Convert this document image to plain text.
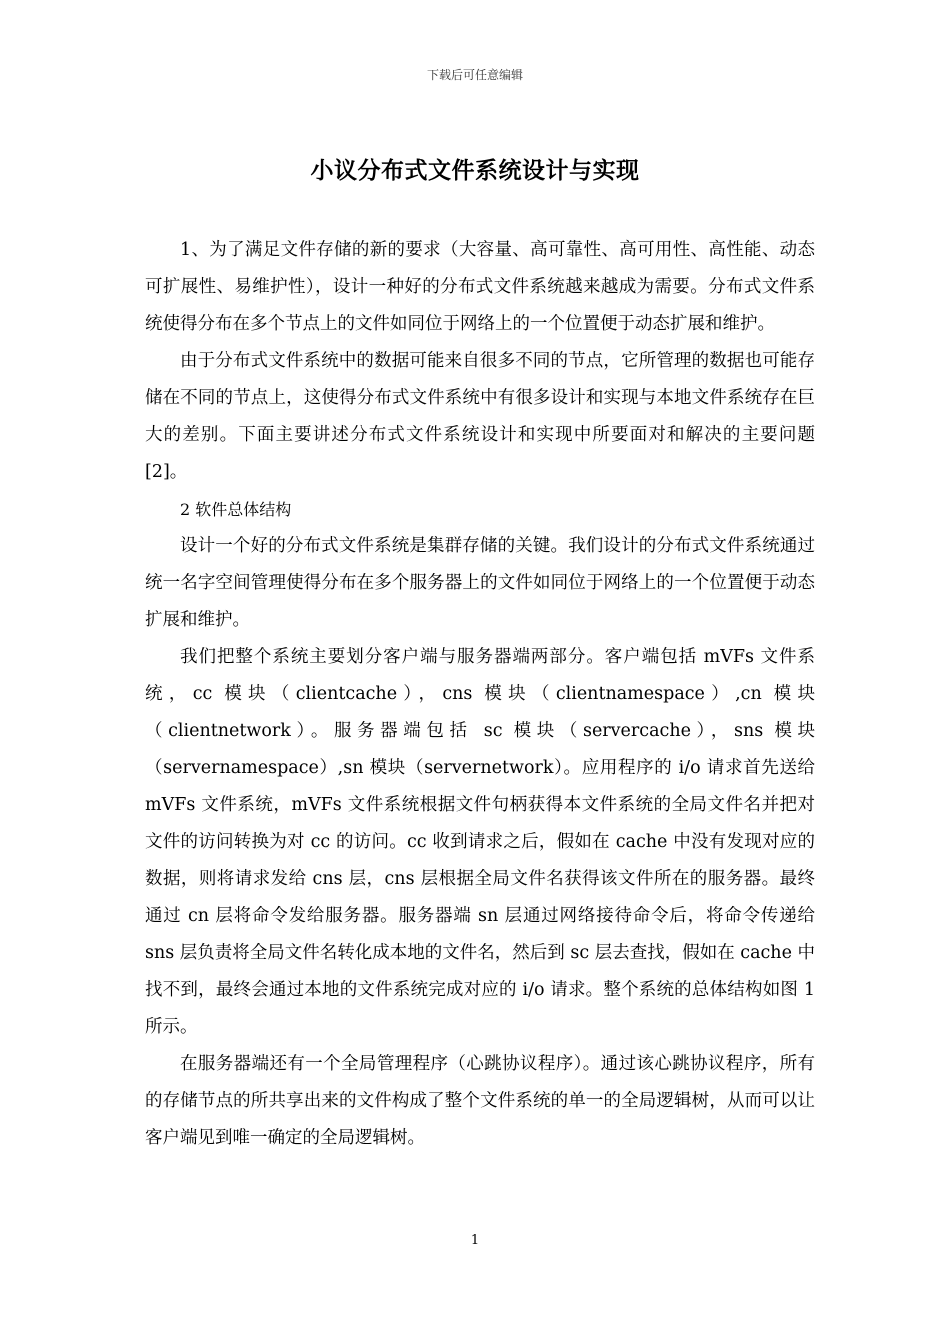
下载后可任意编辑
小议分布式文件系统设计与实现

1、为了满足文件存储的新的要求（大容量、高可靠性、高可用性、高性能、动态可扩展性、易维护性），设计一种好的分布式文件系统越来越成为需要。分布式文件系统使得分布在多个节点上的文件如同位于网络上的一个位置便于动态扩展和维护。

由于分布式文件系统中的数据可能来自很多不同的节点，它所管理的数据也可能存储在不同的节点上，这使得分布式文件系统中有很多设计和实现与本地文件系统存在巨大的差别。下面主要讲述分布式文件系统设计和实现中所要面对和解决的主要问题[2]。

2 软件总体结构

设计一个好的分布式文件系统是集群存储的关键。我们设计的分布式文件系统通过统一名字空间管理使得分布在多个服务器上的文件如同位于网络上的一个位置便于动态扩展和维护。

我们把整个系统主要划分客户端与服务器端两部分。客户端包括 mVFs 文件系统，cc 模块（clientcache），cns 模块（clientnamespace）,cn 模块（clientnetwork）。服务器端包括 sc 模块（servercache），sns 模块（servernamespace）,sn 模块（servernetwork）。应用程序的 i/o 请求首先送给 mVFs 文件系统，mVFs 文件系统根据文件句柄获得本文件系统的全局文件名并把对文件的访问转换为对 cc 的访问。cc 收到请求之后，假如在 cache 中没有发现对应的数据，则将请求发给 cns 层，cns 层根据全局文件名获得该文件所在的服务器。最终通过 cn 层将命令发给服务器。服务器端 sn 层通过网络接待命令后，将命令传递给 sns 层负责将全局文件名转化成本地的文件名，然后到 sc 层去查找，假如在 cache 中找不到，最终会通过本地的文件系统完成对应的 i/o 请求。整个系统的总体结构如图 1 所示。

在服务器端还有一个全局管理程序（心跳协议程序）。通过该心跳协议程序，所有的存储节点的所共享出来的文件构成了整个文件系统的单一的全局逻辑树，从而可以让客户端见到唯一确定的全局逻辑树。

1
